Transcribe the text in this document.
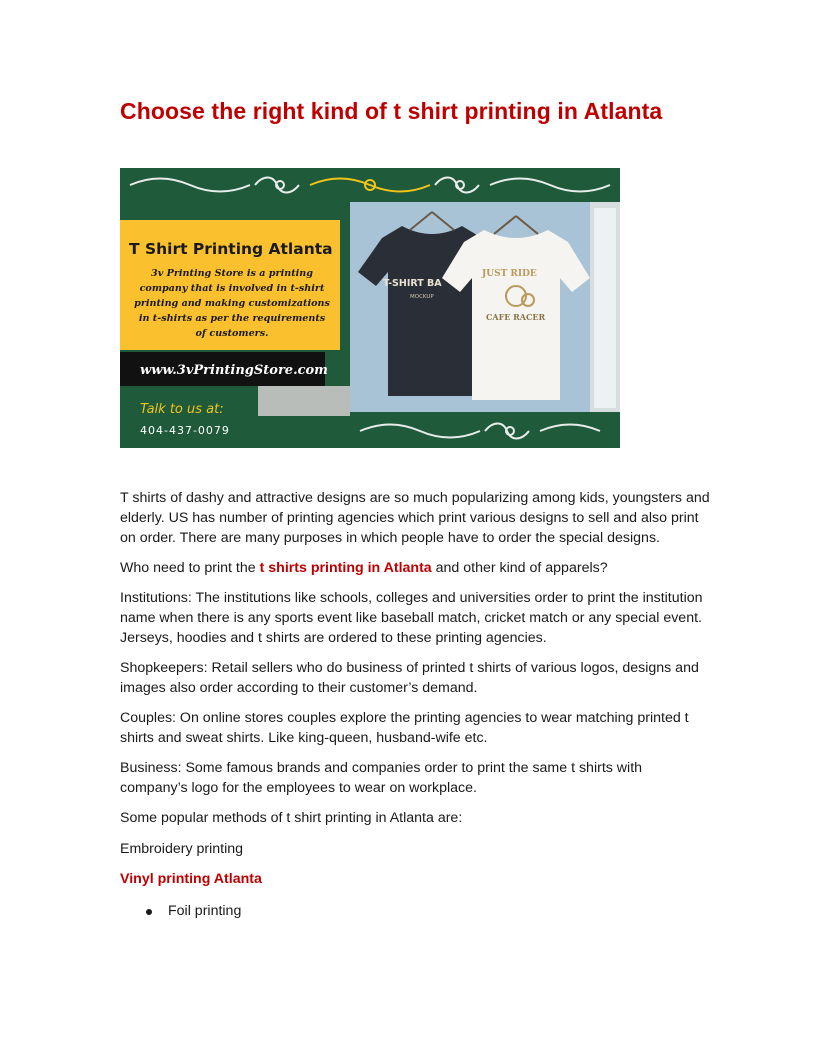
Choose the right kind of t shirt printing in Atlanta
T Shirt Printing Atlanta
3v Printing Store is a printing company that is involved in t-shirt printing and making customizations in t-shirts as per the requirements of customers.
www.3vPrintingStore.com
Talk to us at:
404-437-0079
T-SHIRT BA
MOCKUP
JUST RIDE
CAFE RACER

T shirts of dashy and attractive designs are so much popularizing among kids, youngsters and elderly. US has number of printing agencies which print various designs to sell and also print on order. There are many purposes in which people have to order the special designs.

Who need to print the t shirts printing in Atlanta and other kind of apparels?

Institutions: The institutions like schools, colleges and universities order to print the institution name when there is any sports event like baseball match, cricket match or any special event. Jerseys, hoodies and t shirts are ordered to these printing agencies.

Shopkeepers: Retail sellers who do business of printed t shirts of various logos, designs and images also order according to their customer’s demand.

Couples: On online stores couples explore the printing agencies to wear matching printed t shirts and sweat shirts. Like king-queen, husband-wife etc.

Business: Some famous brands and companies order to print the same t shirts with company’s logo for the employees to wear on workplace.

Some popular methods of t shirt printing in Atlanta are:

Embroidery printing

Vinyl printing Atlanta

Foil printing
